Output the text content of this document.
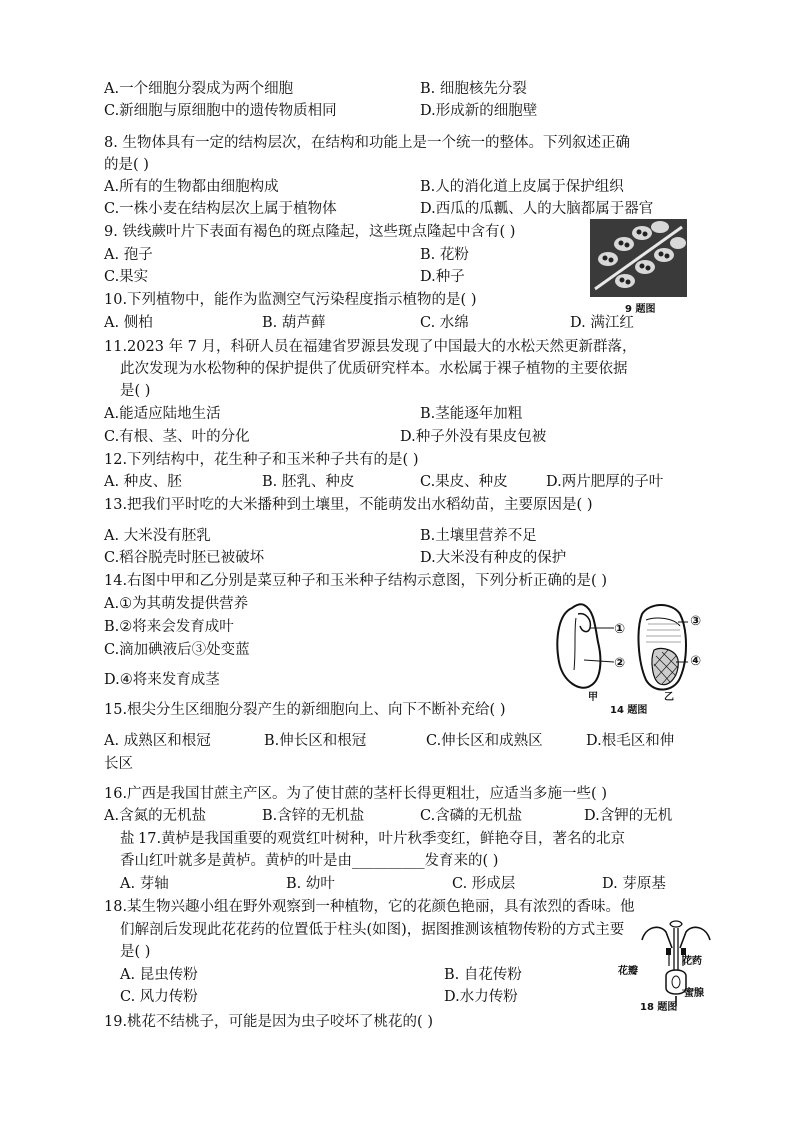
A.一个细胞分裂成为两个细胞	B. 细胞核先分裂
C.新细胞与原细胞中的遗传物质相同	D.形成新的细胞壁
8. 生物体具有一定的结构层次，在结构和功能上是一个统一的整体。下列叙述正确
的是( )
A.所有的生物都由细胞构成	B.人的消化道上皮属于保护组织
C.一株小麦在结构层次上属于植物体	D.西瓜的瓜瓤、人的大脑都属于器官
9. 铁线蕨叶片下表面有褐色的斑点隆起，这些斑点隆起中含有( )
A. 孢子	B. 花粉
C.果实	D.种子
9 题图
10.下列植物中，能作为监测空气污染程度指示植物的是( )
A. 侧柏	B. 葫芦藓	C. 水绵	D. 满江红
11.2023 年 7 月，科研人员在福建省罗源县发现了中国最大的水松天然更新群落，
此次发现为水松物种的保护提供了优质研究样本。水松属于裸子植物的主要依据
是( )
A.能适应陆地生活	B.茎能逐年加粗
C.有根、茎、叶的分化	D.种子外没有果皮包被
12.下列结构中，花生种子和玉米种子共有的是( )
A. 种皮、胚	B. 胚乳、种皮	C.果皮、种皮	D.两片肥厚的子叶
13.把我们平时吃的大米播种到土壤里，不能萌发出水稻幼苗，主要原因是( )
A. 大米没有胚乳	B.土壤里营养不足
C.稻谷脱壳时胚已被破坏	D.大米没有种皮的保护
14.右图中甲和乙分别是菜豆种子和玉米种子结构示意图，下列分析正确的是( )
A.①为其萌发提供营养
B.②将来会发育成叶
C.滴加碘液后③处变蓝
D.④将来发育成茎
①
②
③
④
甲	乙
14 题图
15.根尖分生区细胞分裂产生的新细胞向上、向下不断补充给( )
A. 成熟区和根冠	B.伸长区和根冠	C.伸长区和成熟区	D.根毛区和伸
长区
16.广西是我国甘蔗主产区。为了使甘蔗的茎杆长得更粗壮，应适当多施一些( )
A.含氮的无机盐	B.含锌的无机盐	C.含磷的无机盐	D.含钾的无机
盐 17.黄栌是我国重要的观赏红叶树种，叶片秋季变红，鲜艳夺目，著名的北京
香山红叶就多是黄栌。黄栌的叶是由__________发育来的( )
A. 芽轴	B. 幼叶	C. 形成层	D. 芽原基
18.某生物兴趣小组在野外观察到一种植物，它的花颜色艳丽，具有浓烈的香味。他
们解剖后发现此花花药的位置低于柱头(如图)，据图推测该植物传粉的方式主要
是( )
A. 昆虫传粉	B. 自花传粉
C. 风力传粉	D.水力传粉
花瓣
花药
蜜腺
18 题图
19.桃花不结桃子，可能是因为虫子咬坏了桃花的( )
